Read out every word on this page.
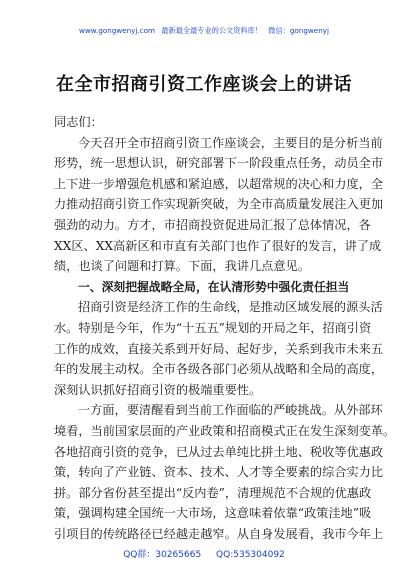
www.gongwenyj.com 最新最全最专业的公文资料库！ 微信：gongwenyj
在全市招商引资工作座谈会上的讲话
同志们：
今天召开全市招商引资工作座谈会，主要目的是分析当前
形势，统一思想认识，研究部署下一阶段重点任务，动员全市
上下进一步增强危机感和紧迫感，以超常规的决心和力度，全
力推动招商引资工作实现新突破，为全市高质量发展注入更加
强劲的动力。方才，市招商投资促进局汇报了总体情况，各
XX区、XX高新区和市直有关部门也作了很好的发言，讲了成
绩，也谈了问题和打算。下面，我讲几点意见。
一、深刻把握战略全局，在认清形势中强化责任担当
招商引资是经济工作的生命线，是推动区域发展的源头活
水。特别是今年，作为“十五五”规划的开局之年，招商引资
工作的成效，直接关系到开好局、起好步，关系到我市未来五
年的发展主动权。全市各级各部门必须从战略和全局的高度，
深刻认识抓好招商引资的极端重要性。
一方面，要清醒看到当前工作面临的严峻挑战。从外部环
境看，当前国家层面的产业政策和招商模式正在发生深刻变革。
各地招商引资的竞争，已从过去单纯比拼土地、税收等优惠政
策，转向了产业链、资本、技术、人才等全要素的综合实力比
拼。部分省份甚至提出“反内卷”，清理规范不合规的优惠政
策，强调构建全国统一大市场，这意味着依靠“政策洼地”吸
引项目的传统路径已经越走越窄。从自身发展看，我市今年上
QQ群：30265665 QQ:535304092
